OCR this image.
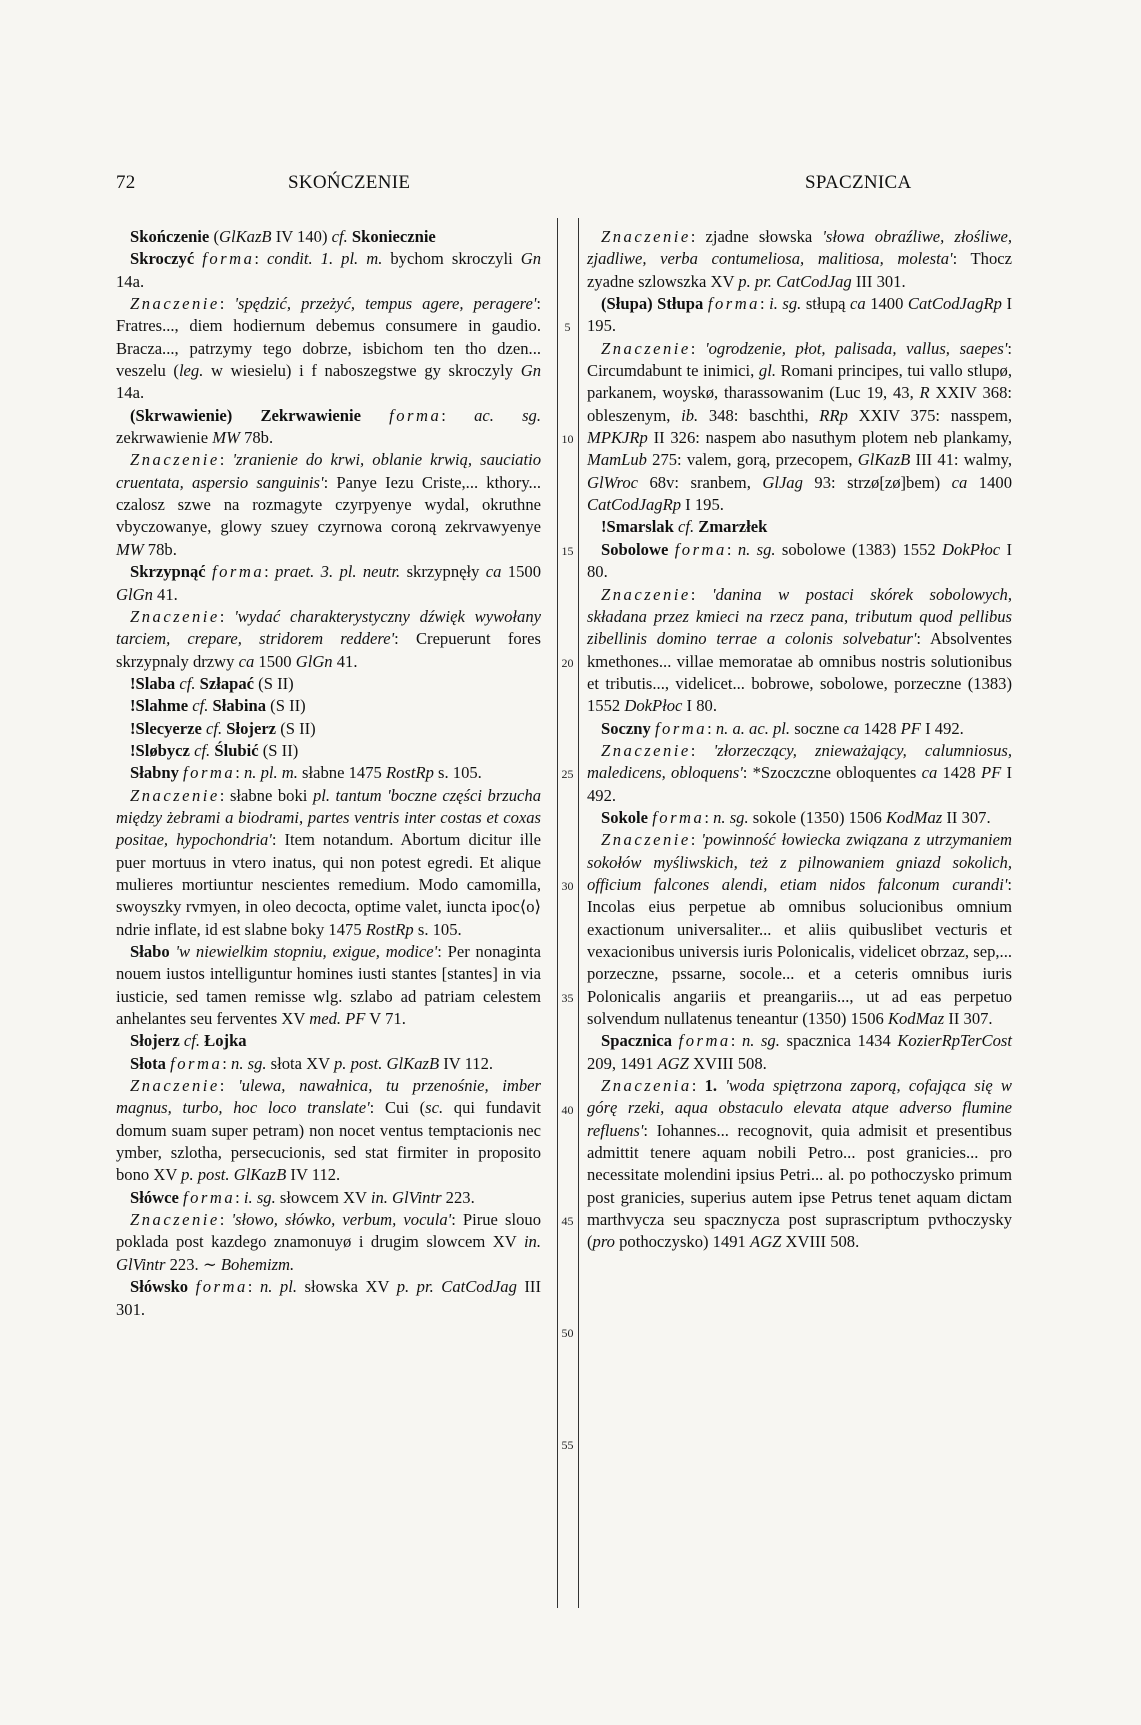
72	SKOŃCZENIE	SPACZNICA

Skończenie (GlKazB IV 140) cf. Skoniecznie

Skroczyć forma: condit. 1. pl. m. bychom skroczyli Gn 14a.

Znaczenie: 'spędzić, przeżyć, tempus agere, peragere': Fratres..., diem hodiernum debemus consumere in gaudio. Bracza..., patrzymy tego dobrze, isbichom ten tho dzen... veszelu (leg. w wiesielu) i f naboszegstwe gy skroczyly Gn 14a.

(Skrwawienie) Zekrwawienie forma: ac. sg. zekrwawienie MW 78b.

Znaczenie: 'zranienie do krwi, oblanie krwią, sauciatio cruentata, aspersio sanguinis': Panye Iezu Criste,... kthory... czalosz szwe na rozmagyte czyrpyenye wydal, okruthne vbyczowanye, glowy szuey czyrnowa coroną zekrvawyenye MW 78b.

Skrzypnąć forma: praet. 3. pl. neutr. skrzypnęły ca 1500 GlGn 41.

Znaczenie: 'wydać charakterystyczny dźwięk wywołany tarciem, crepare, stridorem reddere': Crepuerunt fores skrzypnaly drzwy ca 1500 GlGn 41.

!Slaba cf. Szłapać (S II)

!Slahme cf. Słabina (S II)

!Slecyerze cf. Słojerz (S II)

!Sløbycz cf. Ślubić (S II)

Słabny forma: n. pl. m. słabne 1475 RostRp s. 105.

Znaczenie: słabne boki pl. tantum 'boczne części brzucha między żebrami a biodrami, partes ventris inter costas et coxas positae, hypochondria': Item notandum. Abortum dicitur ille puer mortuus in vtero inatus, qui non potest egredi. Et alique mulieres mortiuntur nescientes remedium. Modo camomilla, swoyszky rvmyen, in oleo decocta, optime valet, iuncta ipoc⟨o⟩ndrie inflate, id est slabne boky 1475 RostRp s. 105.

Słabo 'w niewielkim stopniu, exigue, modice': Per nonaginta nouem iustos intelliguntur homines iusti stantes [stantes] in via iusticie, sed tamen remisse wlg. szlabo ad patriam celestem anhelantes seu ferventes XV med. PF V 71.

Słojerz cf. Łojka

Słota forma: n. sg. słota XV p. post. GlKazB IV 112.

Znaczenie: 'ulewa, nawałnica, tu przenośnie, imber magnus, turbo, hoc loco translate': Cui (sc. qui fundavit domum suam super petram) non nocet ventus temptacionis nec ymber, szlotha, persecucionis, sed stat firmiter in proposito bono XV p. post. GlKazB IV 112.

Słówce forma: i. sg. słowcem XV in. GlVintr 223.

Znaczenie: 'słowo, słówko, verbum, vocula': Pirue slouo poklada post kazdego znamonuyø i drugim slowcem XV in. GlVintr 223. ∼ Bohemizm.

Słówsko forma: n. pl. słowska XV p. pr. CatCodJag III 301.

5
10
15
20
25
30
35
40
45
50
55

Znaczenie: zjadne słowska 'słowa obraźliwe, złośliwe, zjadliwe, verba contumeliosa, malitiosa, molesta': Thocz zyadne szlowszka XV p. pr. CatCodJag III 301.

(Słupa) Stłupa forma: i. sg. stłupą ca 1400 CatCodJagRp I 195.

Znaczenie: 'ogrodzenie, płot, palisada, vallus, saepes': Circumdabunt te inimici, gl. Romani principes, tui vallo stlupø, parkanem, woyskø, tharassowanim (Luc 19, 43, R XXIV 368: obleszenym, ib. 348: baschthi, RRp XXIV 375: nasspem, MPKJRp II 326: naspem abo nasuthym plotem neb plankamy, MamLub 275: valem, gorą, przecopem, GlKazB III 41: walmy, GlWroc 68v: sranbem, GlJag 93: strzø[zø]bem) ca 1400 CatCodJagRp I 195.

!Smarslak cf. Zmarzłek

Sobolowe forma: n. sg. sobolowe (1383) 1552 DokPłoc I 80.

Znaczenie: 'danina w postaci skórek sobolowych, składana przez kmieci na rzecz pana, tributum quod pellibus zibellinis domino terrae a colonis solvebatur': Absolventes kmethones... villae memoratae ab omnibus nostris solutionibus et tributis..., videlicet... bobrowe, sobolowe, porzeczne (1383) 1552 DokPłoc I 80.

Soczny forma: n. a. ac. pl. soczne ca 1428 PF I 492.

Znaczenie: 'złorzeczący, znieważający, calumniosus, maledicens, obloquens': *Szoczczne obloquentes ca 1428 PF I 492.

Sokole forma: n. sg. sokole (1350) 1506 KodMaz II 307.

Znaczenie: 'powinność łowiecka związana z utrzymaniem sokołów myśliwskich, też z pilnowaniem gniazd sokolich, officium falcones alendi, etiam nidos falconum curandi': Incolas eius perpetue ab omnibus solucionibus omnium exactionum universaliter... et aliis quibuslibet vecturis et vexacionibus universis iuris Polonicalis, videlicet obrzaz, sep,... porzeczne, pssarne, socole... et a ceteris omnibus iuris Polonicalis angariis et preangariis..., ut ad eas perpetuo solvendum nullatenus teneantur (1350) 1506 KodMaz II 307.

Spacznica forma: n. sg. spacznica 1434 KozierRpTerCost 209, 1491 AGZ XVIII 508.

Znaczenia: 1. 'woda spiętrzona zaporą, cofająca się w górę rzeki, aqua obstaculo elevata atque adverso flumine refluens': Iohannes... recognovit, quia admisit et presentibus admittit tenere aquam nobili Petro... post granicies... pro necessitate molendini ipsius Petri... al. po pothoczysko primum post granicies, superius autem ipse Petrus tenet aquam dictam marthvycza seu spacznycza post suprascriptum pvthoczysky (pro pothoczysko) 1491 AGZ XVIII 508.
